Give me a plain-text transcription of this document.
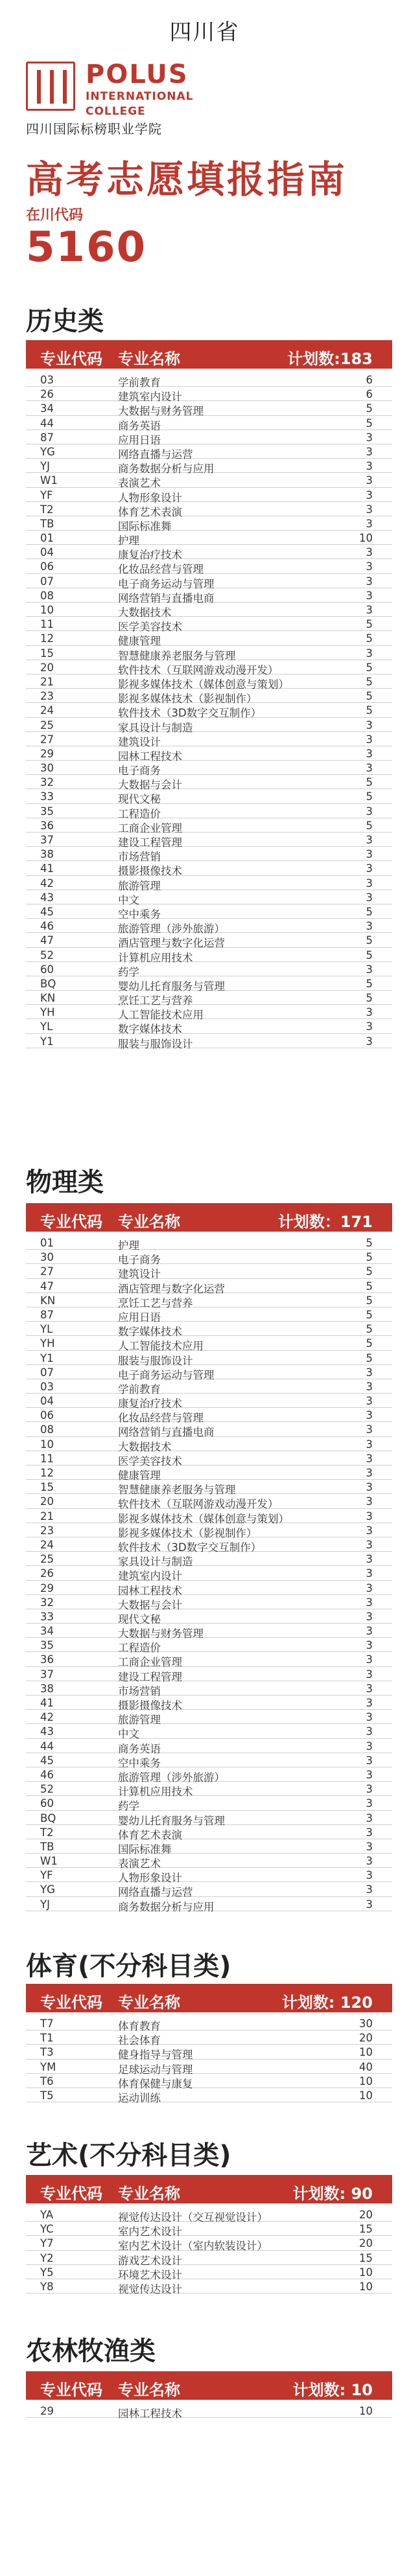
四川省
POLUS
INTERNATIONAL
COLLEGE
四川国际标榜职业学院
高考志愿填报指南
在川代码
5160
历史类
专业代码 专业名称	计划数:183
03	学前教育	6
26	建筑室内设计	6
34	大数据与财务管理	5
44	商务英语	5
87	应用日语	3
YG	网络直播与运营	3
YJ	商务数据分析与应用	3
W1	表演艺术	3
YF	人物形象设计	3
T2	体育艺术表演	3
TB	国际标准舞	3
01	护理	10
04	康复治疗技术	3
06	化妆品经营与管理	3
07	电子商务运动与管理	3
08	网络营销与直播电商	3
10	大数据技术	3
11	医学美容技术	5
12	健康管理	5
15	智慧健康养老服务与管理	3
20	软件技术（互联网游戏动漫开发）	5
21	影视多媒体技术（媒体创意与策划）	5
23	影视多媒体技术（影视制作）	5
24	软件技术（3D数字交互制作）	5
25	家具设计与制造	3
27	建筑设计	3
29	园林工程技术	3
30	电子商务	3
32	大数据与会计	5
33	现代文秘	5
35	工程造价	3
36	工商企业管理	5
37	建设工程管理	3
38	市场营销	3
41	摄影摄像技术	3
42	旅游管理	3
43	中文	3
45	空中乘务	5
46	旅游管理（涉外旅游）	3
47	酒店管理与数字化运营	5
52	计算机应用技术	5
60	药学	3
BQ	婴幼儿托育服务与管理	5
KN	烹饪工艺与营养	5
YH	人工智能技术应用	3
YL	数字媒体技术	3
Y1	服装与服饰设计	3
物理类
专业代码 专业名称	计划数：171
01	护理	5
30	电子商务	5
27	建筑设计	5
47	酒店管理与数字化运营	5
KN	烹饪工艺与营养	5
87	应用日语	5
YL	数字媒体技术	5
YH	人工智能技术应用	5
Y1	服装与服饰设计	5
07	电子商务运动与管理	3
03	学前教育	3
04	康复治疗技术	3
06	化妆品经营与管理	3
08	网络营销与直播电商	3
10	大数据技术	3
11	医学美容技术	3
12	健康管理	3
15	智慧健康养老服务与管理	3
20	软件技术（互联网游戏动漫开发）	3
21	影视多媒体技术（媒体创意与策划）	3
23	影视多媒体技术（影视制作）	3
24	软件技术（3D数字交互制作）	3
25	家具设计与制造	3
26	建筑室内设计	3
29	园林工程技术	3
32	大数据与会计	3
33	现代文秘	3
34	大数据与财务管理	3
35	工程造价	3
36	工商企业管理	3
37	建设工程管理	3
38	市场营销	3
41	摄影摄像技术	3
42	旅游管理	3
43	中文	3
44	商务英语	3
45	空中乘务	3
46	旅游管理（涉外旅游）	3
52	计算机应用技术	3
60	药学	3
BQ	婴幼儿托育服务与管理	3
T2	体育艺术表演	3
TB	国际标准舞	3
W1	表演艺术	3
YF	人物形象设计	3
YG	网络直播与运营	3
YJ	商务数据分析与应用	3
体育(不分科目类)
专业代码 专业名称	计划数: 120
T7	体育教育	30
T1	社会体育	20
T3	健身指导与管理	10
YM	足球运动与管理	40
T6	体育保健与康复	10
T5	运动训练	10
艺术(不分科目类)
专业代码 专业名称	计划数: 90
YA	视觉传达设计（交互视觉设计）	20
YC	室内艺术设计	15
Y7	室内艺术设计（室内软装设计）	20
Y2	游戏艺术设计	15
Y5	环境艺术设计	10
Y8	视觉传达设计	10
农林牧渔类
专业代码 专业名称	计划数: 10
29	园林工程技术	10
